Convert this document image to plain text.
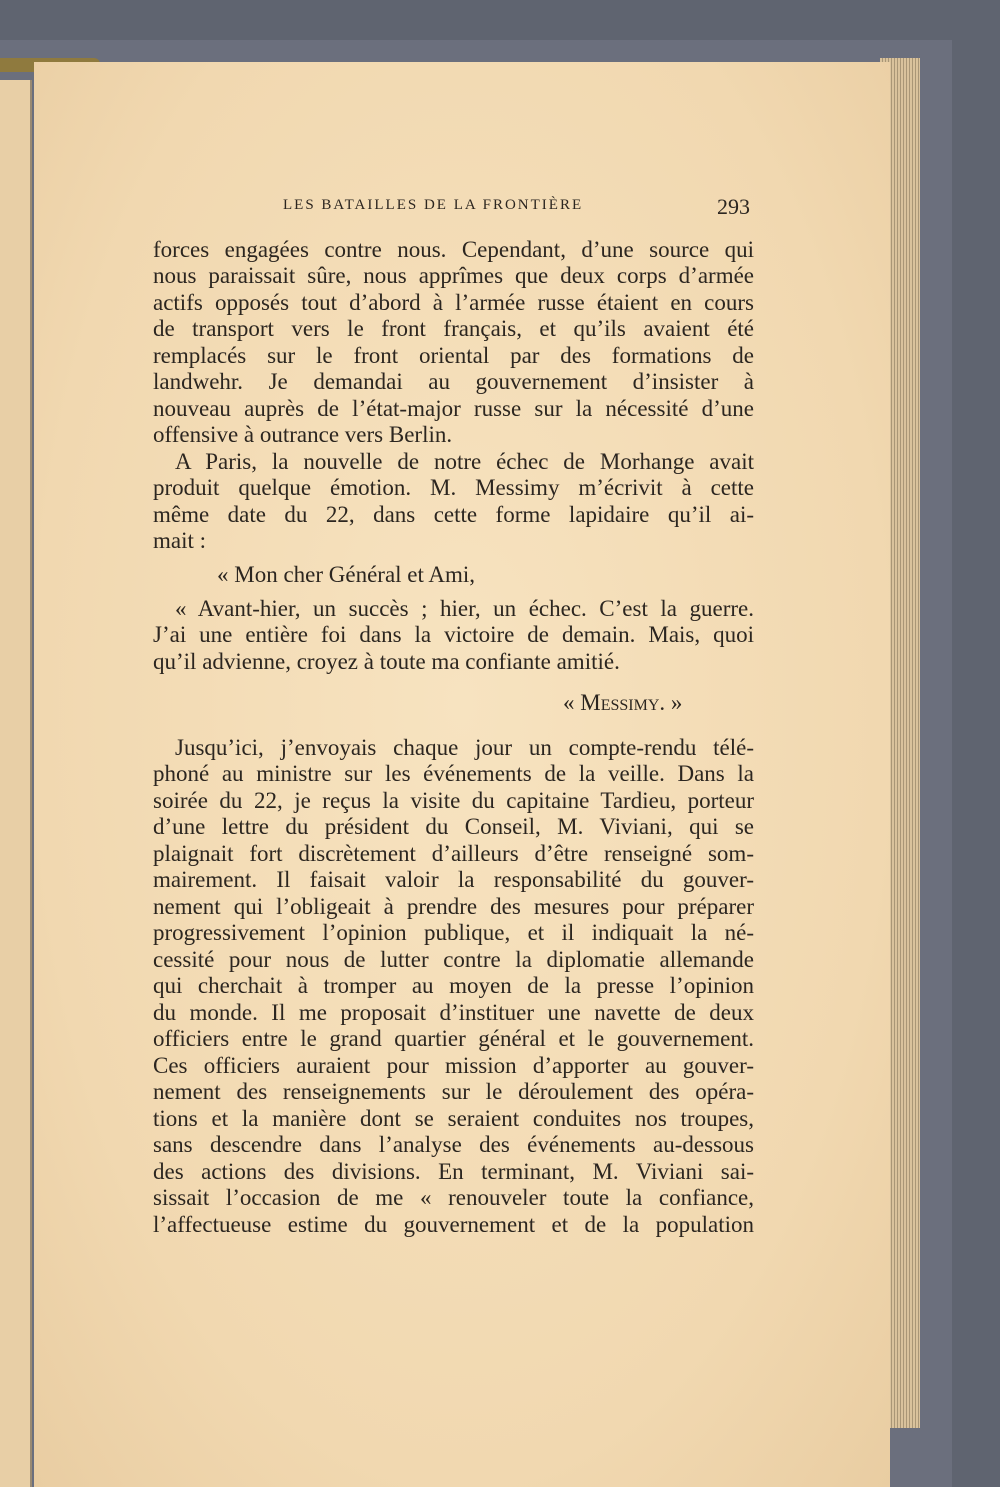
LES BATAILLES DE LA FRONTIÈRE	293
forces engagées contre nous. Cependant, d’une source qui
nous paraissait sûre, nous apprîmes que deux corps d’armée
actifs opposés tout d’abord à l’armée russe étaient en cours
de transport vers le front français, et qu’ils avaient été
remplacés sur le front oriental par des formations de
landwehr. Je demandai au gouvernement d’insister à
nouveau auprès de l’état-major russe sur la nécessité d’une
offensive à outrance vers Berlin.
A Paris, la nouvelle de notre échec de Morhange avait
produit quelque émotion. M. Messimy m’écrivit à cette
même date du 22, dans cette forme lapidaire qu’il ai-
mait :
« Mon cher Général et Ami,
« Avant-hier, un succès ; hier, un échec. C’est la guerre.
J’ai une entière foi dans la victoire de demain. Mais, quoi
qu’il advienne, croyez à toute ma confiante amitié.
« Messimy. »
Jusqu’ici, j’envoyais chaque jour un compte-rendu télé-
phoné au ministre sur les événements de la veille. Dans la
soirée du 22, je reçus la visite du capitaine Tardieu, porteur
d’une lettre du président du Conseil, M. Viviani, qui se
plaignait fort discrètement d’ailleurs d’être renseigné som-
mairement. Il faisait valoir la responsabilité du gouver-
nement qui l’obligeait à prendre des mesures pour préparer
progressivement l’opinion publique, et il indiquait la né-
cessité pour nous de lutter contre la diplomatie allemande
qui cherchait à tromper au moyen de la presse l’opinion
du monde. Il me proposait d’instituer une navette de deux
officiers entre le grand quartier général et le gouvernement.
Ces officiers auraient pour mission d’apporter au gouver-
nement des renseignements sur le déroulement des opéra-
tions et la manière dont se seraient conduites nos troupes,
sans descendre dans l’analyse des événements au-dessous
des actions des divisions. En terminant, M. Viviani sai-
sissait l’occasion de me « renouveler toute la confiance,
l’affectueuse estime du gouvernement et de la population
